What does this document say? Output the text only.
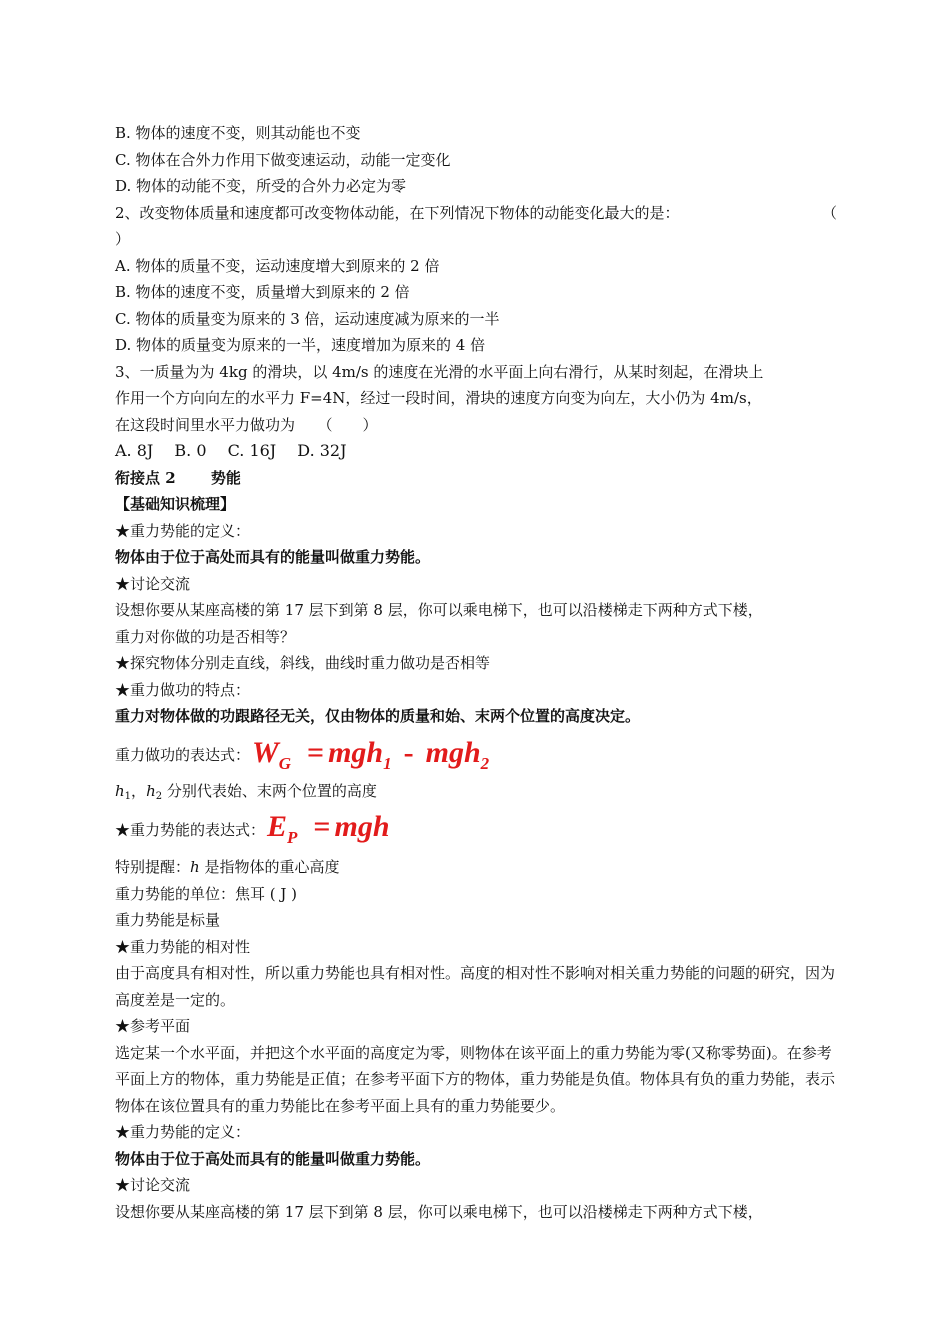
B. 物体的速度不变，则其动能也不变
C. 物体在合外力作用下做变速运动，动能一定变化
D. 物体的动能不变，所受的合外力必定为零
2、改变物体质量和速度都可改变物体动能，在下列情况下物体的动能变化最大的是：	（
）
A. 物体的质量不变，运动速度增大到原来的 2 倍
B. 物体的速度不变，质量增大到原来的 2 倍
C. 物体的质量变为原来的 3 倍，运动速度减为原来的一半
D. 物体的质量变为原来的一半，速度增加为原来的 4 倍
3、一质量为为 4kg 的滑块，以 4m/s 的速度在光滑的水平面上向右滑行，从某时刻起，在滑块上
作用一个方向向左的水平力 F=4N，经过一段时间，滑块的速度方向变为向左，大小仍为 4m/s，
在这段时间里水平力做功为　　（　　）
A. 8J　 B. 0　 C. 16J　 D. 32J
衔接点 2　　 势能
【基础知识梳理】
★重力势能的定义：
物体由于位于高处而具有的能量叫做重力势能。
★讨论交流
设想你要从某座高楼的第 17 层下到第 8 层，你可以乘电梯下，也可以沿楼梯走下两种方式下楼，
重力对你做的功是否相等？
★探究物体分别走直线，斜线，曲线时重力做功是否相等
★重力做功的特点：
重力对物体做的功跟路径无关，仅由物体的质量和始、末两个位置的高度决定。
重力做功的表达式： $W_G = mgh_1 - mgh_2$
$h_1$，$h_2$ 分别代表始、末两个位置的高度
★重力势能的表达式： $E_P$ = mgh
特别提醒：h 是指物体的重心高度
重力势能的单位：焦耳 ( J )
重力势能是标量
★重力势能的相对性
由于高度具有相对性，所以重力势能也具有相对性。高度的相对性不影响对相关重力势能的问题的研究，因为高度差是一定的。
★参考平面
选定某一个水平面，并把这个水平面的高度定为零，则物体在该平面上的重力势能为零(又称零势面)。在参考平面上方的物体，重力势能是正值；在参考平面下方的物体，重力势能是负值。物体具有负的重力势能，表示物体在该位置具有的重力势能比在参考平面上具有的重力势能要少。
★重力势能的定义：
物体由于位于高处而具有的能量叫做重力势能。
★讨论交流
设想你要从某座高楼的第 17 层下到第 8 层，你可以乘电梯下，也可以沿楼梯走下两种方式下楼，
